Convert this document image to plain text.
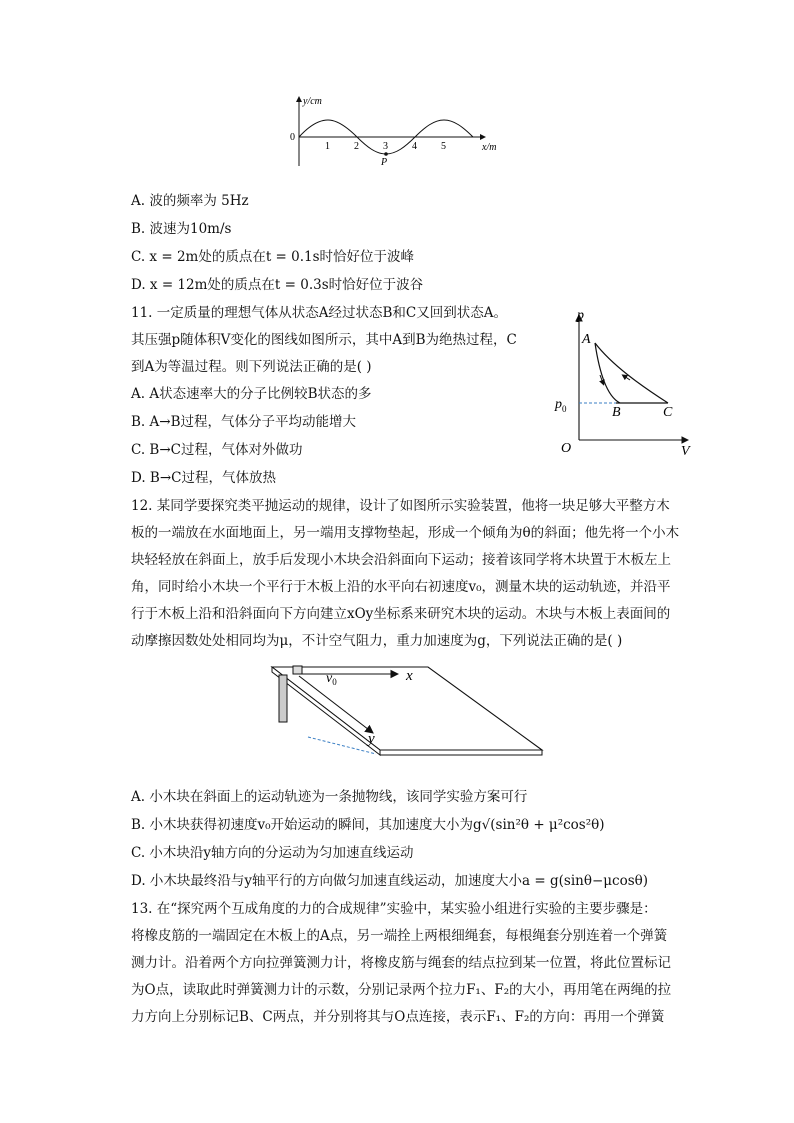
y/cm
x/m
0
1 2 3 4 5
P
A. 波的频率为 5Hz
B. 波速为10m/s
C. x = 2m处的质点在t = 0.1s时恰好位于波峰
D. x = 12m处的质点在t = 0.3s时恰好位于波谷
11. 一定质量的理想气体从状态A经过状态B和C又回到状态A。
其压强p随体积V变化的图线如图所示，其中A到B为绝热过程，C
到A为等温过程。则下列说法正确的是( )
A. A状态速率大的分子比例较B状态的多
B. A→B过程，气体分子平均动能增大
C. B→C过程，气体对外做功
D. B→C过程，气体放热
p
V
O
$p_0$
A
B	C
12. 某同学要探究类平抛运动的规律，设计了如图所示实验装置，他将一块足够大平整方木
板的一端放在水面地面上，另一端用支撑物垫起，形成一个倾角为θ的斜面；他先将一个小木
块轻轻放在斜面上，放手后发现小木块会沿斜面向下运动；接着该同学将木块置于木板左上
角，同时给小木块一个平行于木板上沿的水平向右初速度v₀，测量木块的运动轨迹，并沿平
行于木板上沿和沿斜面向下方向建立xOy坐标系来研究木块的运动。木块与木板上表面间的
动摩擦因数处处相同均为μ，不计空气阻力，重力加速度为g，下列说法正确的是( )
$v_0$	x
y
A. 小木块在斜面上的运动轨迹为一条抛物线，该同学实验方案可行
B. 小木块获得初速度v₀开始运动的瞬间，其加速度大小为g√(sin²θ + μ²cos²θ)
C. 小木块沿y轴方向的分运动为匀加速直线运动
D. 小木块最终沿与y轴平行的方向做匀加速直线运动，加速度大小a = g(sinθ−μcosθ)
13. 在“探究两个互成角度的力的合成规律”实验中，某实验小组进行实验的主要步骤是：
将橡皮筋的一端固定在木板上的A点，另一端拴上两根细绳套，每根绳套分别连着一个弹簧
测力计。沿着两个方向拉弹簧测力计，将橡皮筋与绳套的结点拉到某一位置，将此位置标记
为O点，读取此时弹簧测力计的示数，分别记录两个拉力F₁、F₂的大小，再用笔在两绳的拉
力方向上分别标记B、C两点，并分别将其与O点连接，表示F₁、F₂的方向：再用一个弹簧
